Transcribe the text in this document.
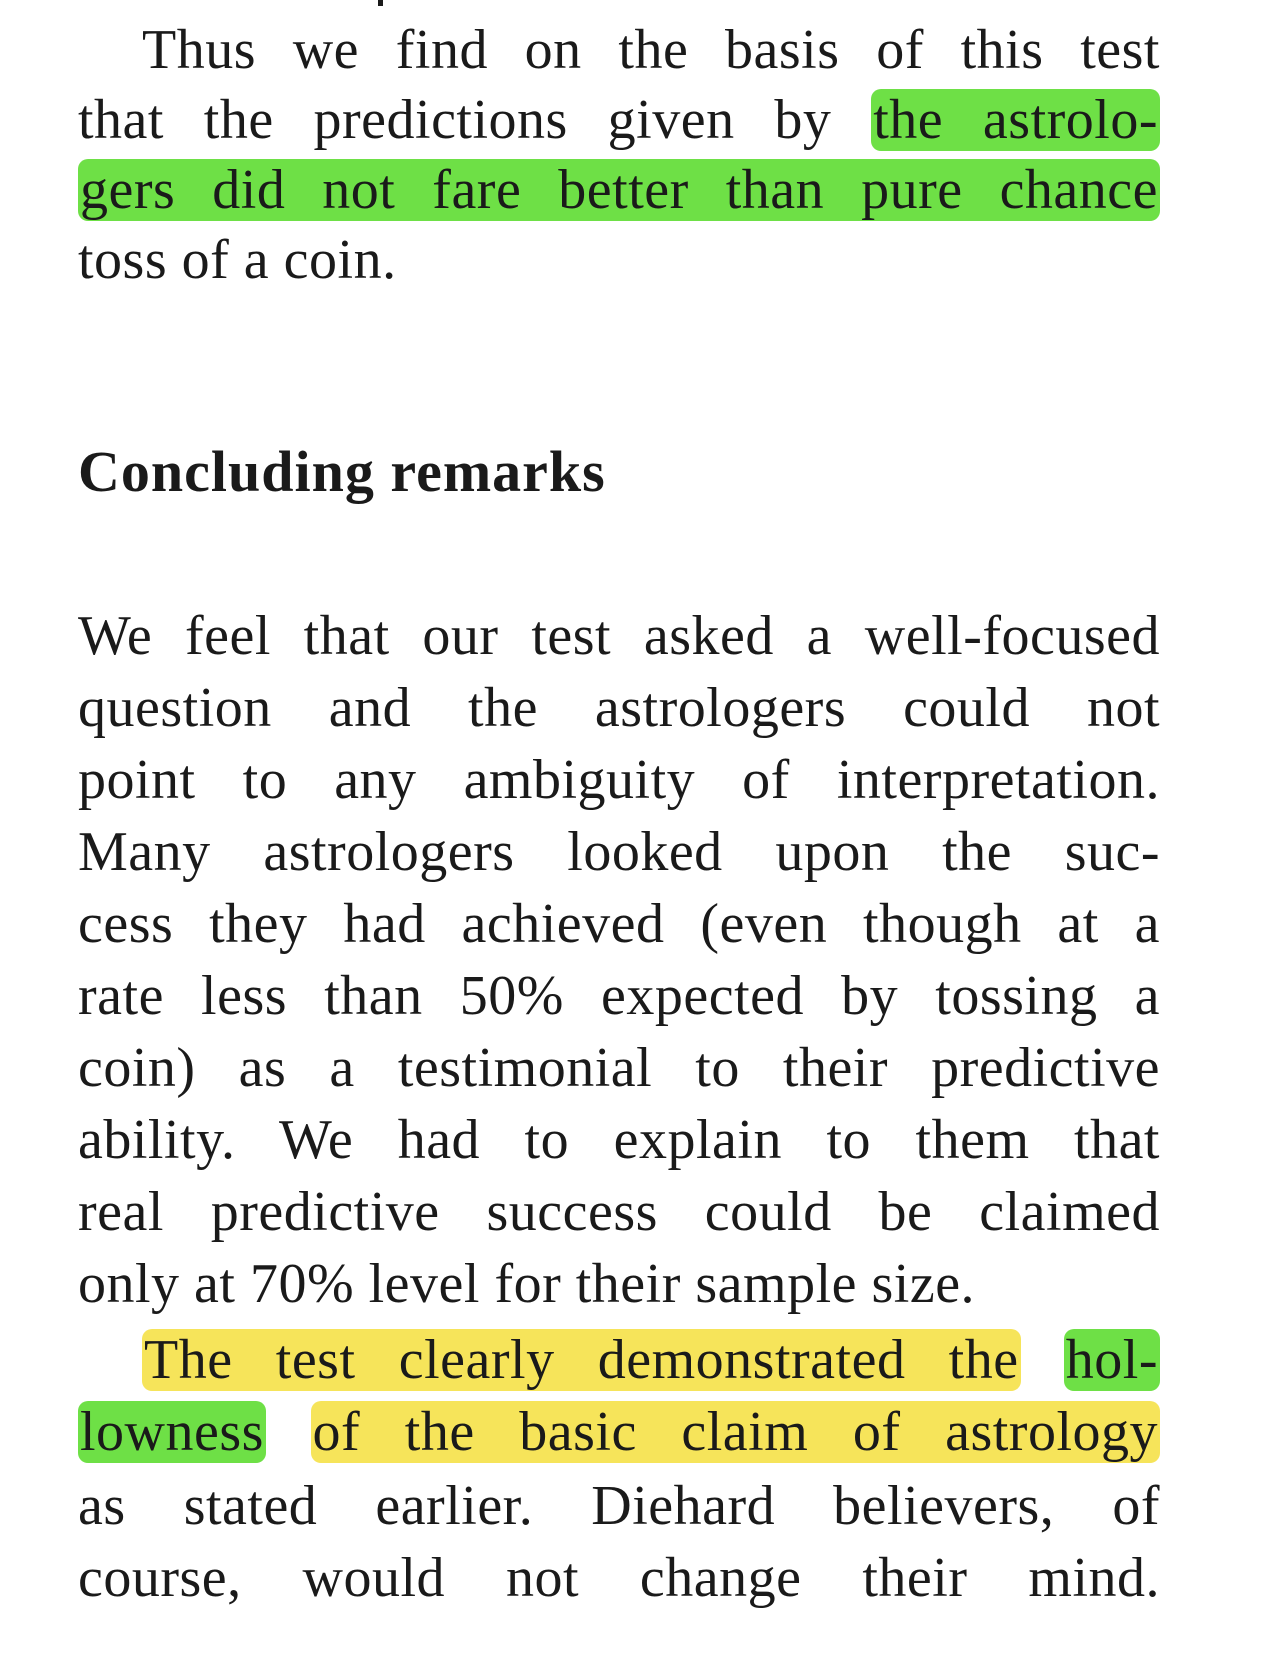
Thus we find on the basis of this test
that the predictions given by the astrolo-
gers did not fare better than pure chance
toss of a coin.
Concluding remarks
We feel that our test asked a well-focused
question and the astrologers could not
point to any ambiguity of interpretation.
Many astrologers looked upon the suc-
cess they had achieved (even though at a
rate less than 50% expected by tossing a
coin) as a testimonial to their predictive
ability. We had to explain to them that
real predictive success could be claimed
only at 70% level for their sample size.
The test clearly demonstrated the hol-
lowness of the basic claim of astrology
as stated earlier. Diehard believers, of
course, would not change their mind.
